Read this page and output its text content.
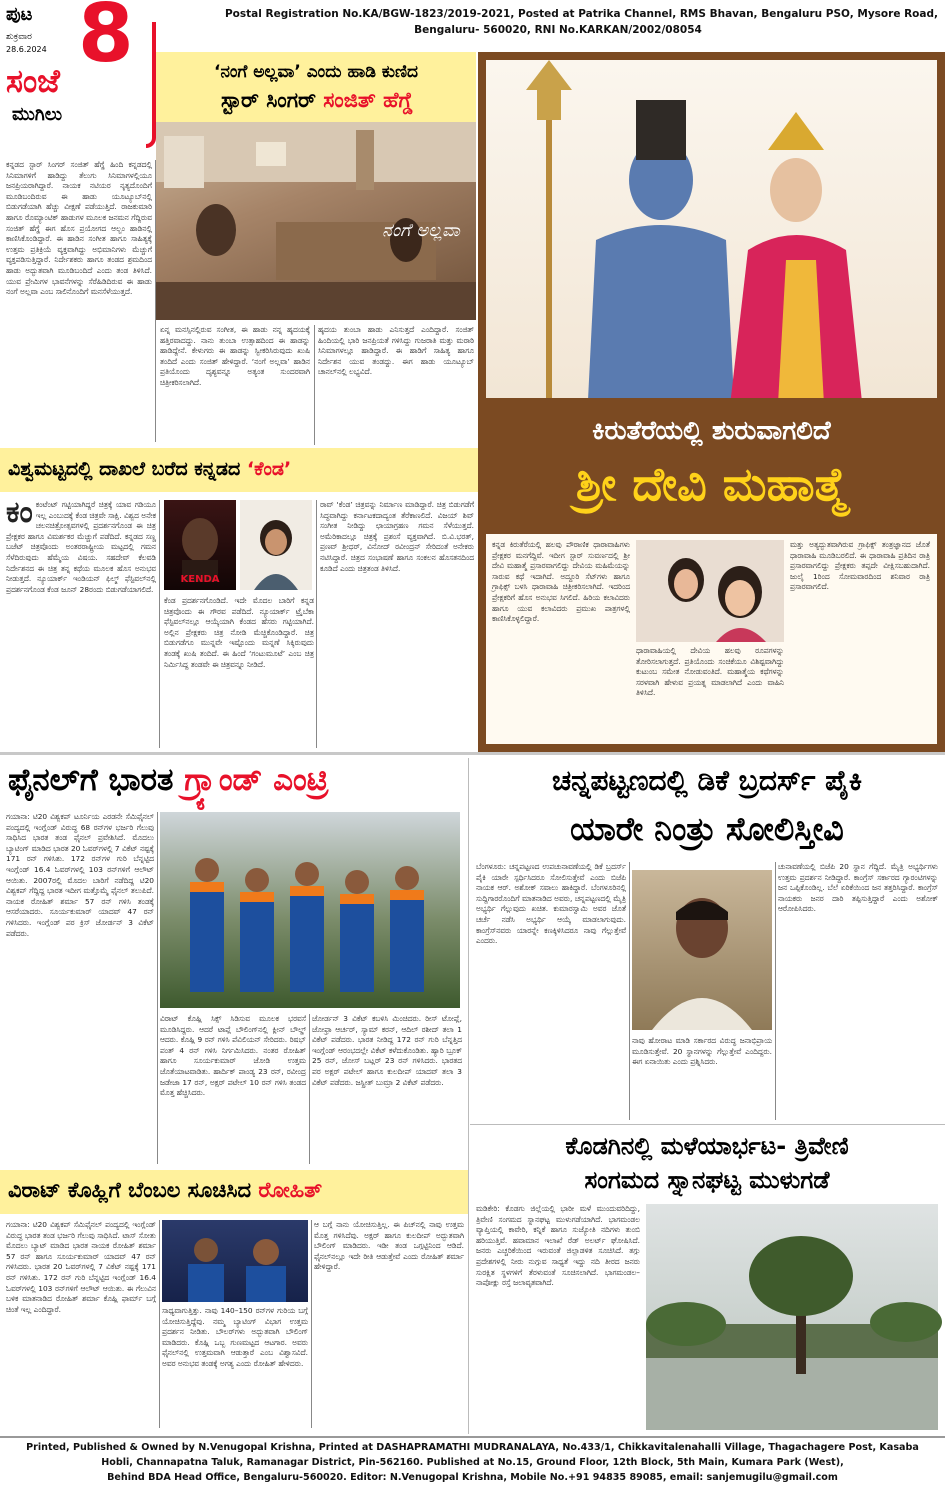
ಪುಟ
ಶುಕ್ರವಾರ
28.6.2024 8
ಸಂಜೆ
ಮುಗಿಲು
Postal Registration No.KA/BGW-1823/2019-2021, Posted at Patrika Channel, RMS Bhavan, Bengaluru PSO, Mysore Road,
Bengaluru- 560020, RNI No.KARKAN/2002/08054
‘ನಂಗೆ ಅಲ್ಲವಾ’ ಎಂದು ಹಾಡಿ ಕುಣಿದ
ಸ್ಟಾರ್ ಸಿಂಗರ್ ಸಂಜಿತ್ ಹೆಗ್ಡೆ
ನಂಗೆ ಅಲ್ಲವಾ

ಕನ್ನಡದ ಸ್ಟಾರ್ ಸಿಂಗರ್ ಸಂಜಿತ್ ಹೆಗ್ಡೆ ಹಿಂದಿ ಕನ್ನಡದಲ್ಲಿ ಸಿನಿಮಾಗಳಿಗೆ ಹಾಡಿದ್ದು ತೆಲುಗು ಸಿನಿಮಾಗಳಲ್ಲಿಯೂ ಜನಪ್ರಿಯರಾಗಿದ್ದಾರೆ. ನಾಯಕ ನಟಿಯರ ನೃತ್ಯದೊಂದಿಗೆ ಮೂಡಿಬಂದಿರುವ ಈ ಹಾಡು ಯೂಟ್ಯೂಬ್‌ನಲ್ಲಿ ಬಿಡುಗಡೆಯಾಗಿ ಹೆಚ್ಚು ವೀಕ್ಷಣೆ ಪಡೆಯುತ್ತಿದೆ. ರಾಜಕುಮಾರಿ ಹಾಗೂ ರೊಮ್ಯಾಂಟಿಕ್ ಹಾಡುಗಳ ಮೂಲಕ ಜನಮನ ಗೆದ್ದಿರುವ ಸಂಜಿತ್ ಹೆಗ್ಡೆ ಈಗ ಹೊಸ ಪ್ರಯೋಗದ ಆಲ್ಬಂ ಹಾಡಿನಲ್ಲಿ ಕಾಣಿಸಿಕೊಂಡಿದ್ದಾರೆ. ಈ ಹಾಡಿನ ಸಂಗೀತ ಹಾಗೂ ಸಾಹಿತ್ಯಕ್ಕೆ ಉತ್ತಮ ಪ್ರತಿಕ್ರಿಯೆ ವ್ಯಕ್ತವಾಗಿದ್ದು ಅಭಿಮಾನಿಗಳು ಮೆಚ್ಚುಗೆ ವ್ಯಕ್ತಪಡಿಸುತ್ತಿದ್ದಾರೆ. ನಿರ್ದೇಶಕರು ಹಾಗೂ ತಂಡದ ಶ್ರಮದಿಂದ ಹಾಡು ಅದ್ಭುತವಾಗಿ ಮೂಡಿಬಂದಿದೆ ಎಂದು ತಂಡ ತಿಳಿಸಿದೆ. ಯುವ ಪ್ರೇಮಿಗಳ ಭಾವನೆಗಳನ್ನು ಸೆರೆಹಿಡಿದಿರುವ ಈ ಹಾಡು ನಂಗೆ ಅಲ್ಲವಾ ಎಂಬ ಸಾಲಿನೊಂದಿಗೆ ಮನಸೆಳೆಯುತ್ತದೆ.

ಏನ್ನ ಮನಸ್ಸಿನಲ್ಲಿರುವ ಸಂಗೀತ, ಈ ಹಾಡು ನನ್ನ ಹೃದಯಕ್ಕೆ ಹತ್ತಿರವಾದದ್ದು. ನಾನು ತುಂಬಾ ಉತ್ಸಾಹದಿಂದ ಈ ಹಾಡನ್ನು ಹಾಡಿದ್ದೇನೆ. ಕೇಳುಗರು ಈ ಹಾಡನ್ನು ಸ್ವೀಕರಿಸಿರುವುದು ಖುಷಿ ತಂದಿದೆ ಎಂದು ಸಂಜಿತ್ ಹೇಳಿದ್ದಾರೆ. ‘ನಂಗೆ ಅಲ್ಲವಾ’ ಹಾಡಿನ ಪ್ರತಿಯೊಂದು ದೃಶ್ಯವನ್ನೂ ಅತ್ಯಂತ ಸುಂದರವಾಗಿ ಚಿತ್ರೀಕರಿಸಲಾಗಿದೆ.

ಹೃದಯ ತುಂಬಾ ಹಾಡು ಎನಿಸುತ್ತದೆ ಎಂದಿದ್ದಾರೆ. ಸಂಜಿತ್ ಹಿಂದಿಯಲ್ಲಿ ಭಾರಿ ಜನಪ್ರಿಯತೆ ಗಳಿಸಿದ್ದು ಗುಜರಾತಿ ಮತ್ತು ಮರಾಠಿ ಸಿನಿಮಾಗಳಲ್ಲೂ ಹಾಡಿದ್ದಾರೆ. ಈ ಹಾಡಿಗೆ ಸಾಹಿತ್ಯ ಹಾಗೂ ನಿರ್ದೇಶನ ಯುವ ತಂಡದ್ದು. ಈಗ ಹಾಡು ಯೂಟ್ಯೂಬ್ ಚಾನಲ್‌ನಲ್ಲಿ ಲಭ್ಯವಿದೆ.

ವಿಶ್ವಮಟ್ಟದಲ್ಲಿ ದಾಖಲೆ ಬರೆದ ಕನ್ನಡದ ‘ಕೆಂಡ’
ಕಂ ಕಂಟೆಂಟ್ ಗಟ್ಟಿಯಾಗಿದ್ದರೆ ಚಿತ್ರಕ್ಕೆ ಯಾವ ಗಡಿಯೂ ಇಲ್ಲ ಎಂಬುದಕ್ಕೆ ಕೆಂಡ ಚಿತ್ರವೇ ಸಾಕ್ಷಿ. ವಿಶ್ವದ ಅನೇಕ ಚಲನಚಿತ್ರೋತ್ಸವಗಳಲ್ಲಿ ಪ್ರದರ್ಶನಗೊಂಡ ಈ ಚಿತ್ರ ಪ್ರೇಕ್ಷಕರ ಹಾಗೂ ವಿಮರ್ಶಕರ ಮೆಚ್ಚುಗೆ ಪಡೆದಿದೆ. ಕನ್ನಡದ ಸಣ್ಣ ಬಜೆಟ್ ಚಿತ್ರವೊಂದು ಅಂತರರಾಷ್ಟ್ರೀಯ ಮಟ್ಟದಲ್ಲಿ ಗಮನ ಸೆಳೆದಿರುವುದು ಹೆಮ್ಮೆಯ ವಿಷಯ. ಸಹದೇವ್ ಕೆಲವಡಿ ನಿರ್ದೇಶನದ ಈ ಚಿತ್ರ ತನ್ನ ಕಥೆಯ ಮೂಲಕ ಹೊಸ ಅನುಭವ ನೀಡುತ್ತದೆ. ನ್ಯೂಯಾರ್ಕ್ ಇಂಡಿಯನ್ ಫಿಲ್ಮ್ ಫೆಸ್ಟಿವಲ್‌ನಲ್ಲಿ ಪ್ರದರ್ಶನಗೊಂಡ ಕೆಂಡ ಜೂನ್ 28ರಂದು ಬಿಡುಗಡೆಯಾಗಲಿದೆ.

KENDA

ಕೆಂಡ ಪ್ರದರ್ಶನಗೊಂಡಿದೆ. ಇದೇ ಮೊದಲ ಬಾರಿಗೆ ಕನ್ನಡ ಚಿತ್ರವೊಂದು ಈ ಗೌರವ ಪಡೆದಿದೆ. ನ್ಯೂಯಾರ್ಕ್ ಟ್ರೈಬೆಕಾ ಫೆಸ್ಟಿವಲ್‌ನಲ್ಲೂ ಆಯ್ಕೆಯಾಗಿ ಕೆಂಡದ ಹೆಸರು ಗಟ್ಟಿಯಾಗಿದೆ. ಅಲ್ಲಿನ ಪ್ರೇಕ್ಷಕರು ಚಿತ್ರ ನೋಡಿ ಮೆಚ್ಚಿಕೊಂಡಿದ್ದಾರೆ. ಚಿತ್ರ ಬಿಡುಗಡೆಗೂ ಮುನ್ನವೇ ಇಷ್ಟೊಂದು ಮನ್ನಣೆ ಸಿಕ್ಕಿರುವುದು ತಂಡಕ್ಕೆ ಖುಷಿ ತಂದಿದೆ. ಈ ಹಿಂದೆ ‘ಗಂಟುಮೂಟೆ’ ಎಂಬ ಚಿತ್ರ ನಿರ್ಮಿಸಿದ್ದ ತಂಡವೇ ಈ ಚಿತ್ರವನ್ನೂ ನೀಡಿದೆ.

ರಾವ್ ‘ಕೆಂಡ’ ಚಿತ್ರವನ್ನು ನಿರ್ಮಾಣ ಮಾಡಿದ್ದಾರೆ. ಚಿತ್ರ ಬಿಡುಗಡೆಗೆ ಸಿದ್ಧವಾಗಿದ್ದು ಕರ್ನಾಟಕದಾದ್ಯಂತ ತೆರೆಕಾಣಲಿದೆ. ವಿಜಯ್ ಶಿವ್ ಸಂಗೀತ ನೀಡಿದ್ದು ಛಾಯಾಗ್ರಹಣ ಗಮನ ಸೆಳೆಯುತ್ತದೆ. ಅಮೆರಿಕಾದಲ್ಲೂ ಚಿತ್ರಕ್ಕೆ ಪ್ರಶಂಸೆ ವ್ಯಕ್ತವಾಗಿದೆ. ಬಿ.ವಿ.ಭರತ್, ಪ್ರಣವ್ ಶ್ರೀಧರ್, ವಿನೋದ್ ರವೀಂದ್ರನ್ ಸೇರಿದಂತೆ ಅನೇಕರು ನಟಿಸಿದ್ದಾರೆ. ಚಿತ್ರದ ಸಂಭಾಷಣೆ ಹಾಗೂ ಸಂಕಲನ ಹೊಸತನದಿಂದ ಕೂಡಿದೆ ಎಂದು ಚಿತ್ರತಂಡ ತಿಳಿಸಿದೆ.

ಕಿರುತೆರೆಯಲ್ಲಿ ಶುರುವಾಗಲಿದೆ
ಶ್ರೀ ದೇವಿ ಮಹಾತ್ಮೆ

ಕನ್ನಡ ಕಿರುತೆರೆಯಲ್ಲಿ ಹಲವು ಪೌರಾಣಿಕ ಧಾರಾವಾಹಿಗಳು ಪ್ರೇಕ್ಷಕರ ಮನಗೆದ್ದಿವೆ. ಇದೀಗ ಸ್ಟಾರ್ ಸುವರ್ಣದಲ್ಲಿ ಶ್ರೀ ದೇವಿ ಮಹಾತ್ಮೆ ಪ್ರಸಾರವಾಗಲಿದ್ದು ದೇವಿಯ ಮಹಿಮೆಯನ್ನು ಸಾರುವ ಕಥೆ ಇದಾಗಿದೆ. ಅದ್ದೂರಿ ಸೆಟ್‌ಗಳು ಹಾಗೂ ಗ್ರಾಫಿಕ್ಸ್ ಬಳಸಿ ಧಾರಾವಾಹಿ ಚಿತ್ರೀಕರಿಸಲಾಗಿದೆ. ಇದರಿಂದ ಪ್ರೇಕ್ಷಕರಿಗೆ ಹೊಸ ಅನುಭವ ಸಿಗಲಿದೆ. ಹಿರಿಯ ಕಲಾವಿದರು ಹಾಗೂ ಯುವ ಕಲಾವಿದರು ಪ್ರಮುಖ ಪಾತ್ರಗಳಲ್ಲಿ ಕಾಣಿಸಿಕೊಳ್ಳಲಿದ್ದಾರೆ.

ಧಾರಾವಾಹಿಯಲ್ಲಿ ದೇವಿಯ ಹಲವು ರೂಪಗಳನ್ನು ತೋರಿಸಲಾಗುತ್ತದೆ. ಪ್ರತಿಯೊಂದು ಸಂಚಿಕೆಯೂ ವಿಶಿಷ್ಟವಾಗಿದ್ದು ಕುಟುಂಬ ಸಮೇತ ನೋಡುವಂತಿದೆ. ಮಹಾತ್ಮೆಯ ಕಥೆಗಳನ್ನು ಸರಳವಾಗಿ ಹೇಳುವ ಪ್ರಯತ್ನ ಮಾಡಲಾಗಿದೆ ಎಂದು ವಾಹಿನಿ ತಿಳಿಸಿದೆ.

ಮತ್ತು ಅತ್ಯದ್ಭುತವಾಗಿರುವ ಗ್ರಾಫಿಕ್ಸ್ ತಂತ್ರಜ್ಞಾನದ ಜೊತೆ ಧಾರಾವಾಹಿ ಮೂಡಿಬರಲಿದೆ. ಈ ಧಾರಾವಾಹಿ ಪ್ರತಿದಿನ ರಾತ್ರಿ ಪ್ರಸಾರವಾಗಲಿದ್ದು ಪ್ರೇಕ್ಷಕರು ತಪ್ಪದೇ ವೀಕ್ಷಿಸಬಹುದಾಗಿದೆ. ಜುಲೈ 1ರಿಂದ ಸೋಮವಾರದಿಂದ ಶನಿವಾರ ರಾತ್ರಿ ಪ್ರಸಾರವಾಗಲಿದೆ.

ಫೈನಲ್‌ಗೆ ಭಾರತ ಗ್ರ್ಯಾಂಡ್ ಎಂಟ್ರಿ

ಗಯಾನಾ: ಟಿ20 ವಿಶ್ವಕಪ್ ಟೂರ್ನಿಯ ಎರಡನೇ ಸೆಮಿಫೈನಲ್ ಪಂದ್ಯದಲ್ಲಿ ಇಂಗ್ಲೆಂಡ್ ವಿರುದ್ಧ 68 ರನ್‌ಗಳ ಭರ್ಜರಿ ಗೆಲುವು ಸಾಧಿಸಿದ ಭಾರತ ತಂಡ ಫೈನಲ್ ಪ್ರವೇಶಿಸಿದೆ. ಮೊದಲು ಬ್ಯಾಟಿಂಗ್ ಮಾಡಿದ ಭಾರತ 20 ಓವರ್‌ಗಳಲ್ಲಿ 7 ವಿಕೆಟ್ ನಷ್ಟಕ್ಕೆ 171 ರನ್ ಗಳಿಸಿತು. 172 ರನ್‌ಗಳ ಗುರಿ ಬೆನ್ನಟ್ಟಿದ ಇಂಗ್ಲೆಂಡ್ 16.4 ಓವರ್‌ಗಳಲ್ಲಿ 103 ರನ್‌ಗಳಿಗೆ ಆಲೌಟ್ ಆಯಿತು. 2007ರಲ್ಲಿ ಮೊದಲ ಬಾರಿಗೆ ನಡೆದಿದ್ದ ಟಿ20 ವಿಶ್ವಕಪ್ ಗೆದ್ದಿದ್ದ ಭಾರತ ಇದೀಗ ಮತ್ತೊಮ್ಮೆ ಫೈನಲ್ ತಲುಪಿದೆ. ನಾಯಕ ರೋಹಿತ್ ಶರ್ಮಾ 57 ರನ್ ಗಳಿಸಿ ತಂಡಕ್ಕೆ ಆಸರೆಯಾದರು. ಸೂರ್ಯಕುಮಾರ್ ಯಾದವ್ 47 ರನ್ ಗಳಿಸಿದರು. ಇಂಗ್ಲೆಂಡ್ ಪರ ಕ್ರಿಸ್ ಜೋರ್ಡನ್ 3 ವಿಕೆಟ್ ಪಡೆದರು.

ವಿರಾಟ್ ಕೊಹ್ಲಿ ಸಿಕ್ಸ್ ಸಿಡಿಸುವ ಮೂಲಕ ಭರವಸೆ ಮೂಡಿಸಿದ್ದರು. ಆದರೆ ಟಾಪ್ಲೆ ಬೌಲಿಂಗ್‌ನಲ್ಲಿ ಕ್ಲೀನ್ ಬೌಲ್ಡ್ ಆದರು. ಕೊಹ್ಲಿ 9 ರನ್ ಗಳಿಸಿ ಪೆವಿಲಿಯನ್ ಸೇರಿದರು. ರಿಷಭ್ ಪಂತ್ 4 ರನ್ ಗಳಿಸಿ ನಿರ್ಗಮಿಸಿದರು. ನಂತರ ರೋಹಿತ್ ಹಾಗೂ ಸೂರ್ಯಕುಮಾರ್ ಜೋಡಿ ಉತ್ತಮ ಜೊತೆಯಾಟವಾಡಿತು. ಹಾರ್ದಿಕ್ ಪಾಂಡ್ಯ 23 ರನ್, ರವೀಂದ್ರ ಜಡೇಜಾ 17 ರನ್, ಅಕ್ಷರ್ ಪಟೇಲ್ 10 ರನ್ ಗಳಿಸಿ ತಂಡದ ಮೊತ್ತ ಹೆಚ್ಚಿಸಿದರು.

ಜೋರ್ಡನ್ 3 ವಿಕೆಟ್ ಕಬಳಿಸಿ ಮಿಂಚಿದರು. ರೀಸ್ ಟೋಪ್ಲೆ, ಜೋಫ್ರಾ ಆರ್ಚರ್, ಸ್ಯಾಮ್ ಕರನ್, ಆದಿಲ್ ರಶೀದ್ ತಲಾ 1 ವಿಕೆಟ್ ಪಡೆದರು. ಭಾರತ ನೀಡಿದ್ದ 172 ರನ್ ಗುರಿ ಬೆನ್ನತ್ತಿದ ಇಂಗ್ಲೆಂಡ್ ಆರಂಭದಲ್ಲೇ ವಿಕೆಟ್ ಕಳೆದುಕೊಂಡಿತು. ಹ್ಯಾರಿ ಬ್ರೂಕ್ 25 ರನ್, ಜೋಸ್ ಬಟ್ಲರ್ 23 ರನ್ ಗಳಿಸಿದರು. ಭಾರತದ ಪರ ಅಕ್ಷರ್ ಪಟೇಲ್ ಹಾಗೂ ಕುಲದೀಪ್ ಯಾದವ್ ತಲಾ 3 ವಿಕೆಟ್ ಪಡೆದರು. ಜಸ್ಪ್ರೀತ್ ಬುಮ್ರಾ 2 ವಿಕೆಟ್ ಪಡೆದರು.

ವಿರಾಟ್ ಕೊಹ್ಲಿಗೆ ಬೆಂಬಲ ಸೂಚಿಸಿದ ರೋಹಿತ್

ಗಯಾನಾ: ಟಿ20 ವಿಶ್ವಕಪ್ ಸೆಮಿಫೈನಲ್ ಪಂದ್ಯದಲ್ಲಿ ಇಂಗ್ಲೆಂಡ್ ವಿರುದ್ಧ ಭಾರತ ತಂಡ ಭರ್ಜರಿ ಗೆಲುವು ಸಾಧಿಸಿದೆ. ಟಾಸ್ ಸೋತು ಮೊದಲು ಬ್ಯಾಟ್ ಮಾಡಿದ ಭಾರತ ನಾಯಕ ರೋಹಿತ್ ಶರ್ಮಾ 57 ರನ್ ಹಾಗೂ ಸೂರ್ಯಕುಮಾರ್ ಯಾದವ್ 47 ರನ್ ಗಳಿಸಿದರು. ಭಾರತ 20 ಓವರ್‌ಗಳಲ್ಲಿ 7 ವಿಕೆಟ್ ನಷ್ಟಕ್ಕೆ 171 ರನ್ ಗಳಿಸಿತು. 172 ರನ್ ಗುರಿ ಬೆನ್ನಟ್ಟಿದ ಇಂಗ್ಲೆಂಡ್ 16.4 ಓವರ್‌ಗಳಲ್ಲಿ 103 ರನ್‌ಗಳಿಗೆ ಆಲೌಟ್ ಆಯಿತು. ಈ ಗೆಲುವಿನ ಬಳಿಕ ಮಾತನಾಡಿದ ರೋಹಿತ್ ಶರ್ಮಾ ಕೊಹ್ಲಿ ಫಾರ್ಮ್ ಬಗ್ಗೆ ಚಿಂತೆ ಇಲ್ಲ ಎಂದಿದ್ದಾರೆ.	ಸಾಧ್ಯವಾಗುತ್ತಿತ್ತು. ನಾವು 140–150 ರನ್‌ಗಳ ಗುರಿಯ ಬಗ್ಗೆ ಯೋಚಿಸುತ್ತಿದ್ದೆವು. ನಮ್ಮ ಬ್ಯಾಟಿಂಗ್ ವಿಭಾಗ ಉತ್ತಮ ಪ್ರದರ್ಶನ ನೀಡಿತು. ಬೌಲರ್‌ಗಳು ಅದ್ಭುತವಾಗಿ ಬೌಲಿಂಗ್ ಮಾಡಿದರು. ಕೊಹ್ಲಿ ಒಬ್ಬ ಗುಣಮಟ್ಟದ ಆಟಗಾರ. ಅವರು ಫೈನಲ್‌ನಲ್ಲಿ ಉತ್ತಮವಾಗಿ ಆಡುತ್ತಾರೆ ಎಂಬ ವಿಶ್ವಾಸವಿದೆ. ಅವರ ಅನುಭವ ತಂಡಕ್ಕೆ ಅಗತ್ಯ ಎಂದು ರೋಹಿತ್ ಹೇಳಿದರು.

ಆ ಬಗ್ಗೆ ನಾನು ಯೋಚಿಸುತ್ತಿಲ್ಲ. ಈ ಪಿಚ್‌ನಲ್ಲಿ ನಾವು ಉತ್ತಮ ಮೊತ್ತ ಗಳಿಸಿದೆವು. ಅಕ್ಷರ್ ಹಾಗೂ ಕುಲದೀಪ್ ಅದ್ಭುತವಾಗಿ ಬೌಲಿಂಗ್ ಮಾಡಿದರು. ಇಡೀ ತಂಡ ಒಗ್ಗಟ್ಟಿನಿಂದ ಆಡಿದೆ. ಫೈನಲ್‌ನಲ್ಲೂ ಇದೇ ರೀತಿ ಆಡುತ್ತೇವೆ ಎಂದು ರೋಹಿತ್ ಶರ್ಮಾ ಹೇಳಿದ್ದಾರೆ.

ಚನ್ನಪಟ್ಟಣದಲ್ಲಿ ಡಿಕೆ ಬ್ರದರ್ಸ್ ಪೈಕಿ
ಯಾರೇ ನಿಂತ್ರು ಸೋಲಿಸ್ತೀವಿ

ಬೆಂಗಳೂರು: ಚನ್ನಪಟ್ಟಣದ ಉಪಚುನಾವಣೆಯಲ್ಲಿ ಡಿಕೆ ಬ್ರದರ್ಸ್ ಪೈಕಿ ಯಾರೇ ಸ್ಪರ್ಧಿಸಿದರೂ ಸೋಲಿಸುತ್ತೇವೆ ಎಂದು ಬಿಜೆಪಿ ನಾಯಕ ಆರ್. ಅಶೋಕ್ ಸವಾಲು ಹಾಕಿದ್ದಾರೆ. ಬೆಂಗಳೂರಿನಲ್ಲಿ ಸುದ್ದಿಗಾರರೊಂದಿಗೆ ಮಾತನಾಡಿದ ಅವರು, ಚನ್ನಪಟ್ಟಣದಲ್ಲಿ ಮೈತ್ರಿ ಅಭ್ಯರ್ಥಿ ಗೆಲ್ಲುವುದು ಖಚಿತ. ಕುಮಾರಸ್ವಾಮಿ ಅವರ ಜೊತೆ ಚರ್ಚೆ ನಡೆಸಿ ಅಭ್ಯರ್ಥಿ ಆಯ್ಕೆ ಮಾಡಲಾಗುವುದು. ಕಾಂಗ್ರೆಸ್‌ನವರು ಯಾರನ್ನೇ ಕಣಕ್ಕಿಳಿಸಿದರೂ ನಾವು ಗೆಲ್ಲುತ್ತೇವೆ ಎಂದರು.

ನಾವು ಹೋರಾಟ ಮಾಡಿ ಸರ್ಕಾರದ ವಿರುದ್ಧ ಜನಾಭಿಪ್ರಾಯ ಮೂಡಿಸುತ್ತೇವೆ. 20 ಸ್ಥಾನಗಳನ್ನು ಗೆಲ್ಲುತ್ತೇವೆ ಎಂದಿದ್ದರು. ಈಗ ಏನಾಯಿತು ಎಂದು ಪ್ರಶ್ನಿಸಿದರು.

ಚುನಾವಣೆಯಲ್ಲಿ ಬಿಜೆಪಿ 20 ಸ್ಥಾನ ಗೆದ್ದಿದೆ. ಮೈತ್ರಿ ಅಭ್ಯರ್ಥಿಗಳು ಉತ್ತಮ ಪ್ರದರ್ಶನ ನೀಡಿದ್ದಾರೆ. ಕಾಂಗ್ರೆಸ್ ಸರ್ಕಾರದ ಗ್ಯಾರಂಟಿಗಳನ್ನು ಜನ ಒಪ್ಪಿಕೊಂಡಿಲ್ಲ. ಬೆಲೆ ಏರಿಕೆಯಿಂದ ಜನ ತತ್ತರಿಸಿದ್ದಾರೆ. ಕಾಂಗ್ರೆಸ್ ನಾಯಕರು ಜನರ ದಾರಿ ತಪ್ಪಿಸುತ್ತಿದ್ದಾರೆ ಎಂದು ಅಶೋಕ್ ಆರೋಪಿಸಿದರು.

ಕೊಡಗಿನಲ್ಲಿ ಮಳೆಯಾರ್ಭಟ- ತ್ರಿವೇಣಿ
ಸಂಗಮದ ಸ್ನಾನಘಟ್ಟ ಮುಳುಗಡೆ

ಮಡಿಕೇರಿ: ಕೊಡಗು ಜಿಲ್ಲೆಯಲ್ಲಿ ಭಾರೀ ಮಳೆ ಮುಂದುವರಿದಿದ್ದು, ತ್ರಿವೇಣಿ ಸಂಗಮದ ಸ್ನಾನಘಟ್ಟ ಮುಳುಗಡೆಯಾಗಿದೆ. ಭಾಗಮಂಡಲ ವ್ಯಾಪ್ತಿಯಲ್ಲಿ ಕಾವೇರಿ, ಕನ್ನಿಕೆ ಹಾಗೂ ಸುಜ್ಯೋತಿ ನದಿಗಳು ತುಂಬಿ ಹರಿಯುತ್ತಿವೆ. ಹವಾಮಾನ ಇಲಾಖೆ ರೆಡ್ ಅಲರ್ಟ್ ಘೋಷಿಸಿದೆ. ಜನರು ಎಚ್ಚರಿಕೆಯಿಂದ ಇರುವಂತೆ ಜಿಲ್ಲಾಡಳಿತ ಸೂಚಿಸಿದೆ. ತಗ್ಗು ಪ್ರದೇಶಗಳಲ್ಲಿ ನೀರು ನುಗ್ಗುವ ಸಾಧ್ಯತೆ ಇದ್ದು ನದಿ ತೀರದ ಜನರು ಸುರಕ್ಷಿತ ಸ್ಥಳಗಳಿಗೆ ತೆರಳುವಂತೆ ಸೂಚಿಸಲಾಗಿದೆ. ಭಾಗಮಂಡಲ–ನಾಪೋಕ್ಲು ರಸ್ತೆ ಜಲಾವೃತವಾಗಿದೆ.

Printed, Published & Owned by N.Venugopal Krishna, Printed at DASHAPRAMATHI MUDRANALAYA, No.433/1, Chikkavitalenahalli Village, Thagachagere Post, Kasaba
Hobli, Channapatna Taluk, Ramanagar District, Pin-562160. Published at No.15, Ground Floor, 12th Block, 5th Main, Kumara Park (West),
Behind BDA Head Office, Bengaluru-560020. Editor: N.Venugopal Krishna, Mobile No.+91 94835 89085, email: sanjemugilu@gmail.com
